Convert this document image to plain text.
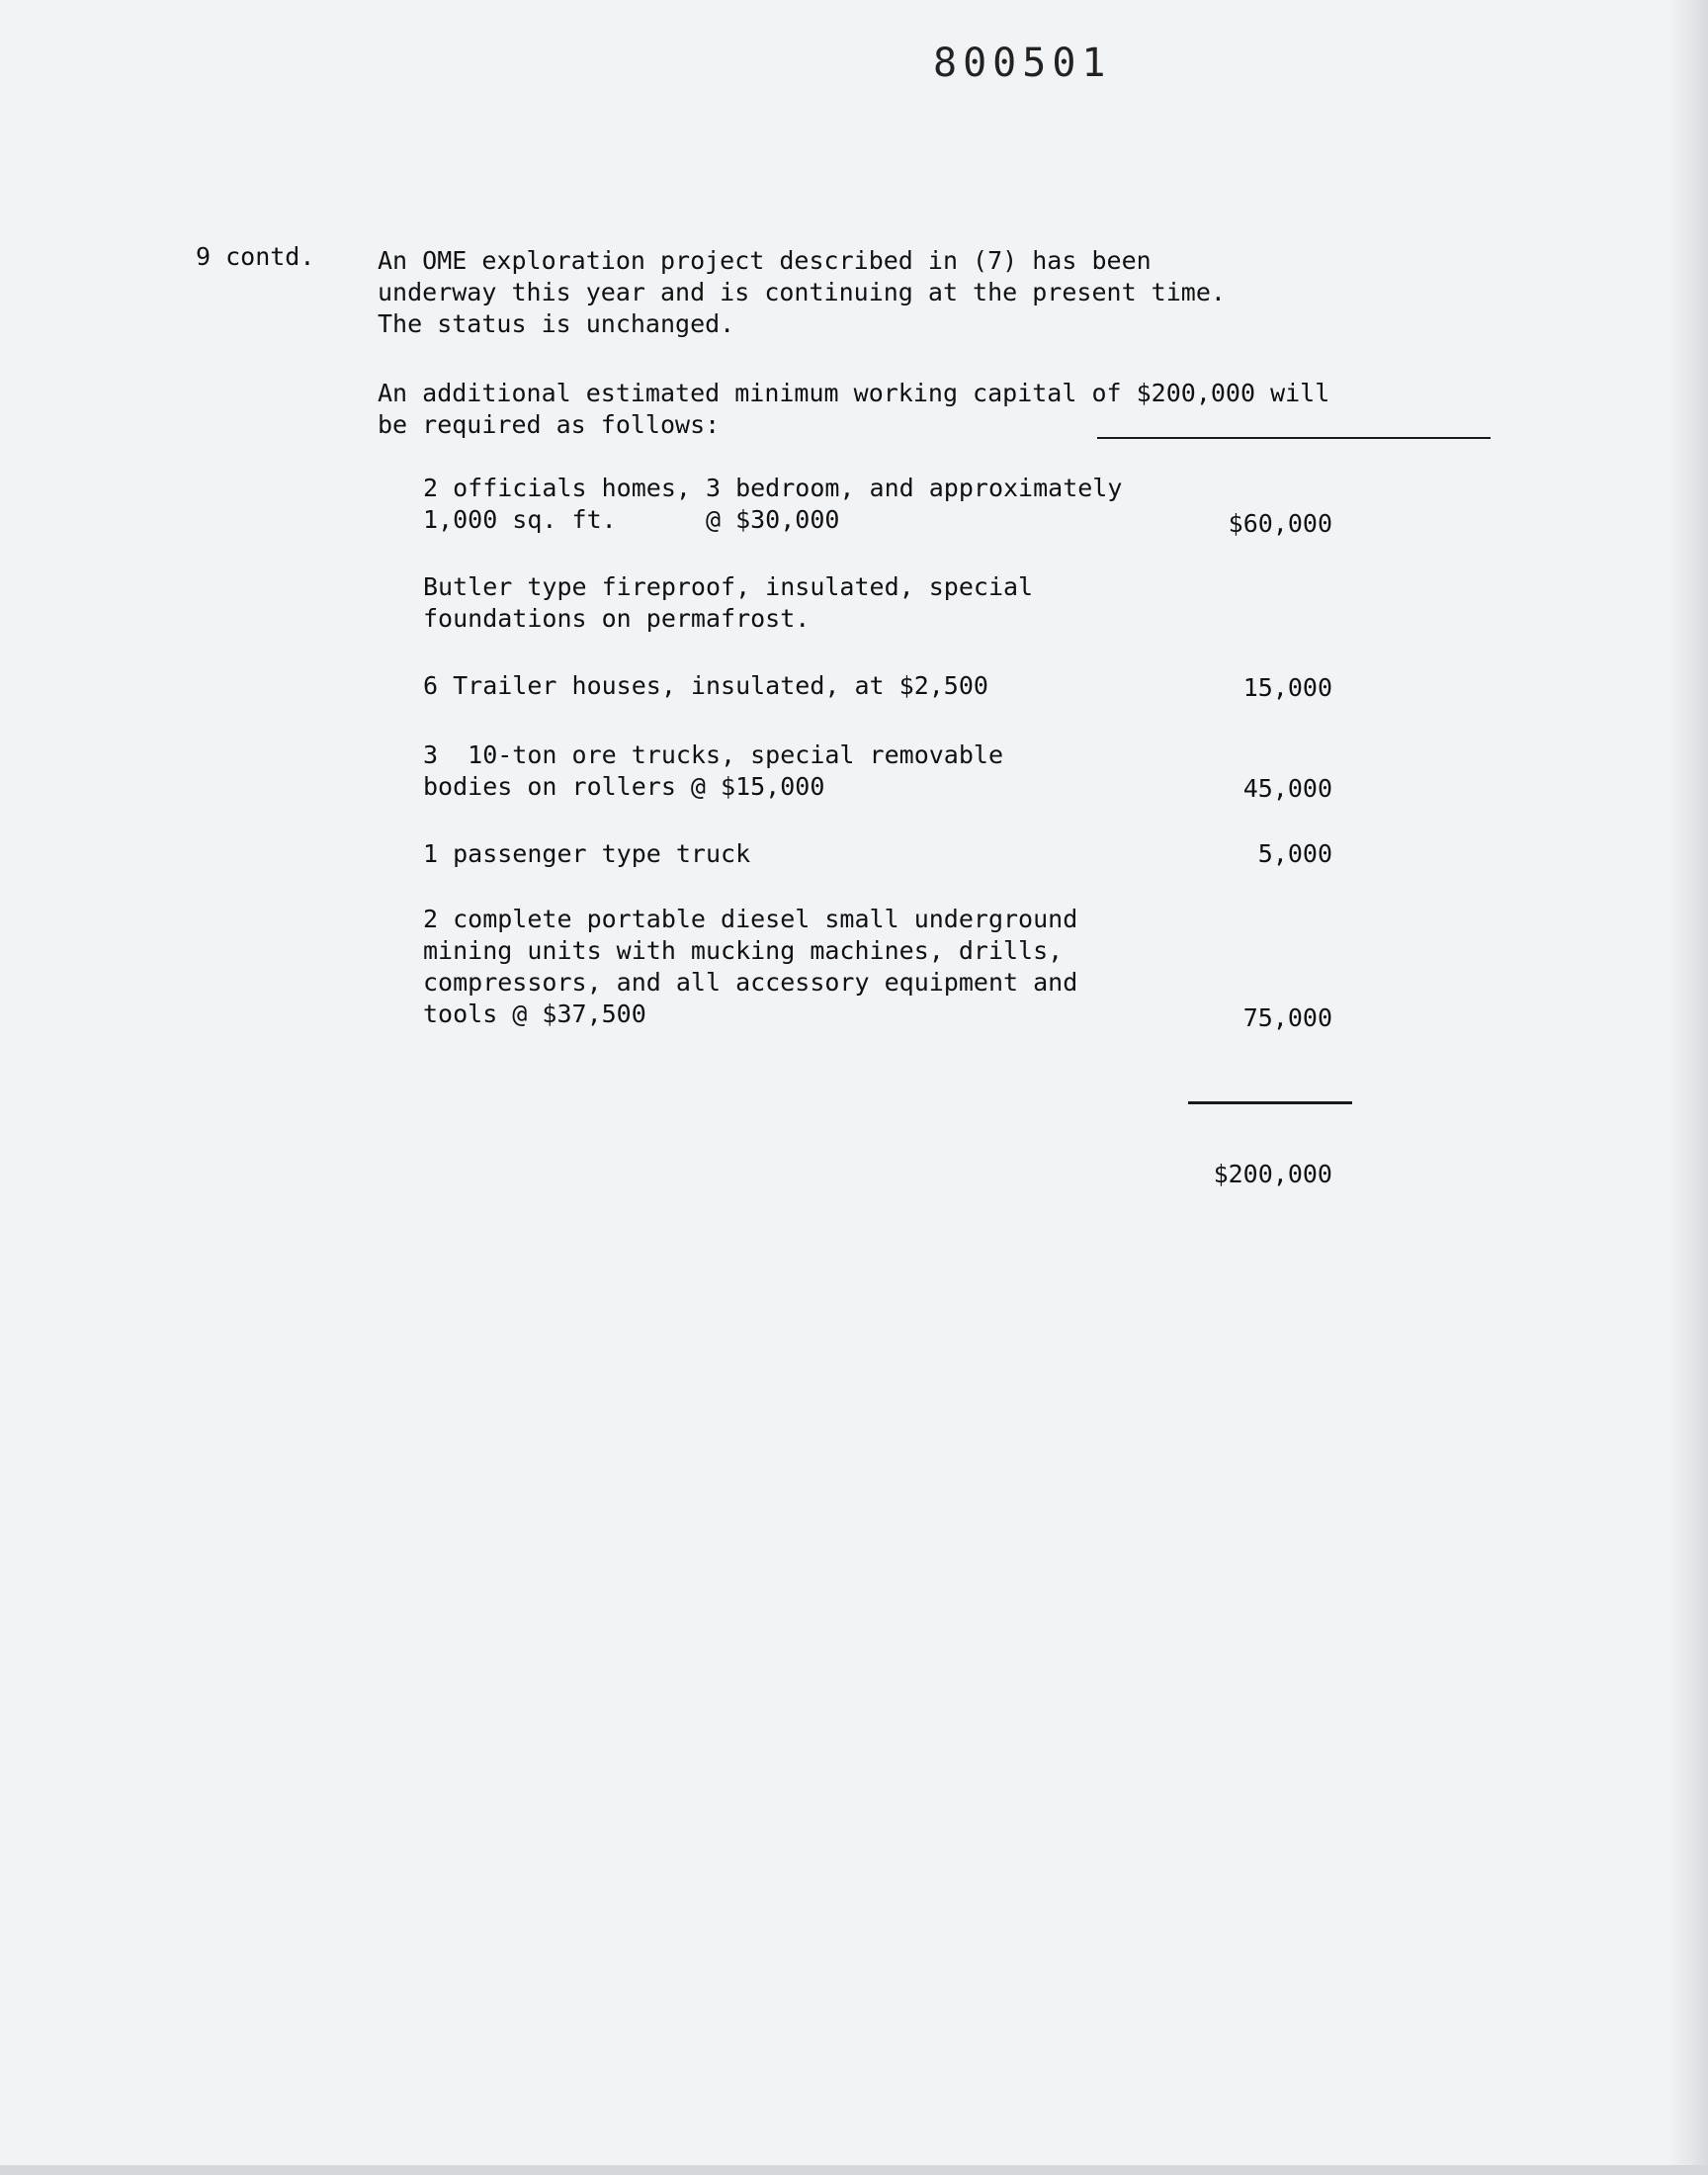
800501
9 contd.	An OME exploration project described in (7) has been
underway this year and is continuing at the present time.
The status is unchanged.

An additional estimated minimum working capital of $200,000 will
be required as follows:

2 officials homes, 3 bedroom, and approximately
1,000 sq. ft.      @ $30,000	$60,000
Butler type fireproof, insulated, special
foundations on permafrost.
6 Trailer houses, insulated, at $2,500	15,000
3  10-ton ore trucks, special removable
bodies on rollers @ $15,000	45,000
1 passenger type truck	5,000
2 complete portable diesel small underground
mining units with mucking machines, drills,
compressors, and all accessory equipment and
tools @ $37,500	75,000
$200,000
